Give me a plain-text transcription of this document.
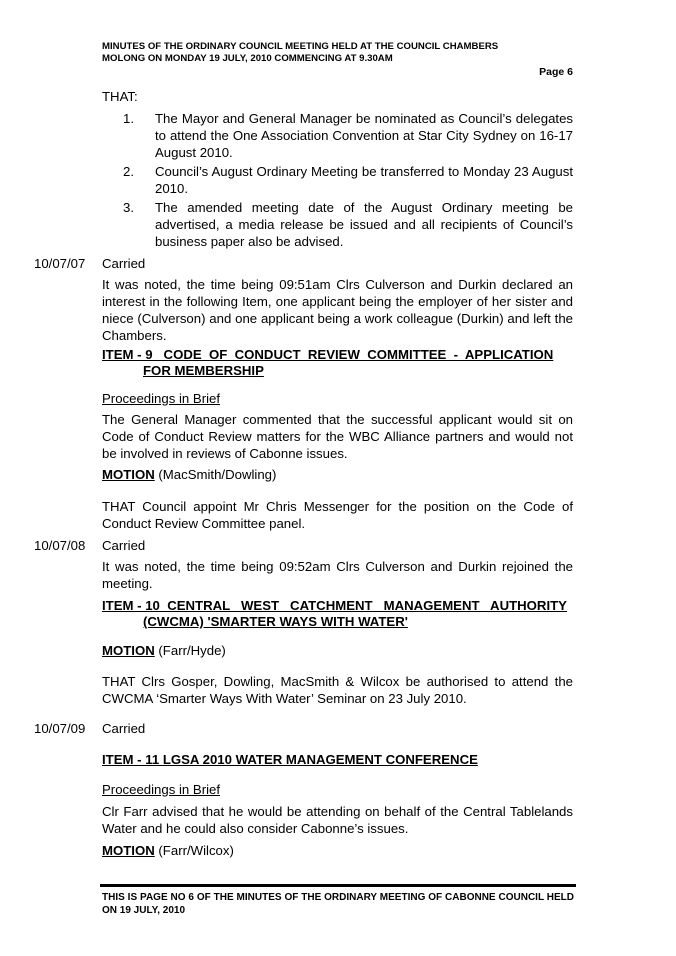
MINUTES OF THE ORDINARY COUNCIL MEETING HELD AT THE COUNCIL CHAMBERS
MOLONG ON MONDAY 19 JULY, 2010 COMMENCING AT 9.30AM
Page 6
THAT:
1. The Mayor and General Manager be nominated as Council’s delegates to attend the One Association Convention at Star City Sydney on 16-17 August 2010.
2. Council’s August Ordinary Meeting be transferred to Monday 23 August 2010.
3. The amended meeting date of the August Ordinary meeting be advertised, a media release be issued and all recipients of Council’s business paper also be advised.
10/07/07 Carried
It was noted, the time being 09:51am Clrs Culverson and Durkin declared an interest in the following Item, one applicant being the employer of her sister and niece (Culverson) and one applicant being a work colleague (Durkin) and left the Chambers.
ITEM - 9   CODE  OF  CONDUCT  REVIEW  COMMITTEE  -  APPLICATION
FOR MEMBERSHIP
Proceedings in Brief
The General Manager commented that the successful applicant would sit on Code of Conduct Review matters for the WBC Alliance partners and would not be involved in reviews of Cabonne issues.
MOTION (MacSmith/Dowling)
THAT Council appoint Mr Chris Messenger for the position on the Code of Conduct Review Committee panel.
10/07/08 Carried
It was noted, the time being 09:52am Clrs Culverson and Durkin rejoined the meeting.
ITEM - 10  CENTRAL   WEST   CATCHMENT   MANAGEMENT   AUTHORITY
(CWCMA) 'SMARTER WAYS WITH WATER'
MOTION (Farr/Hyde)
THAT Clrs Gosper, Dowling, MacSmith & Wilcox be authorised to attend the CWCMA ‘Smarter Ways With Water’ Seminar on 23 July 2010.
10/07/09 Carried
ITEM - 11 LGSA 2010 WATER MANAGEMENT CONFERENCE
Proceedings in Brief
Clr Farr advised that he would be attending on behalf of the Central Tablelands Water and he could also consider Cabonne’s issues.
MOTION (Farr/Wilcox)
THIS IS PAGE NO 6 OF THE MINUTES OF THE ORDINARY MEETING OF CABONNE COUNCIL HELD ON 19 JULY, 2010
